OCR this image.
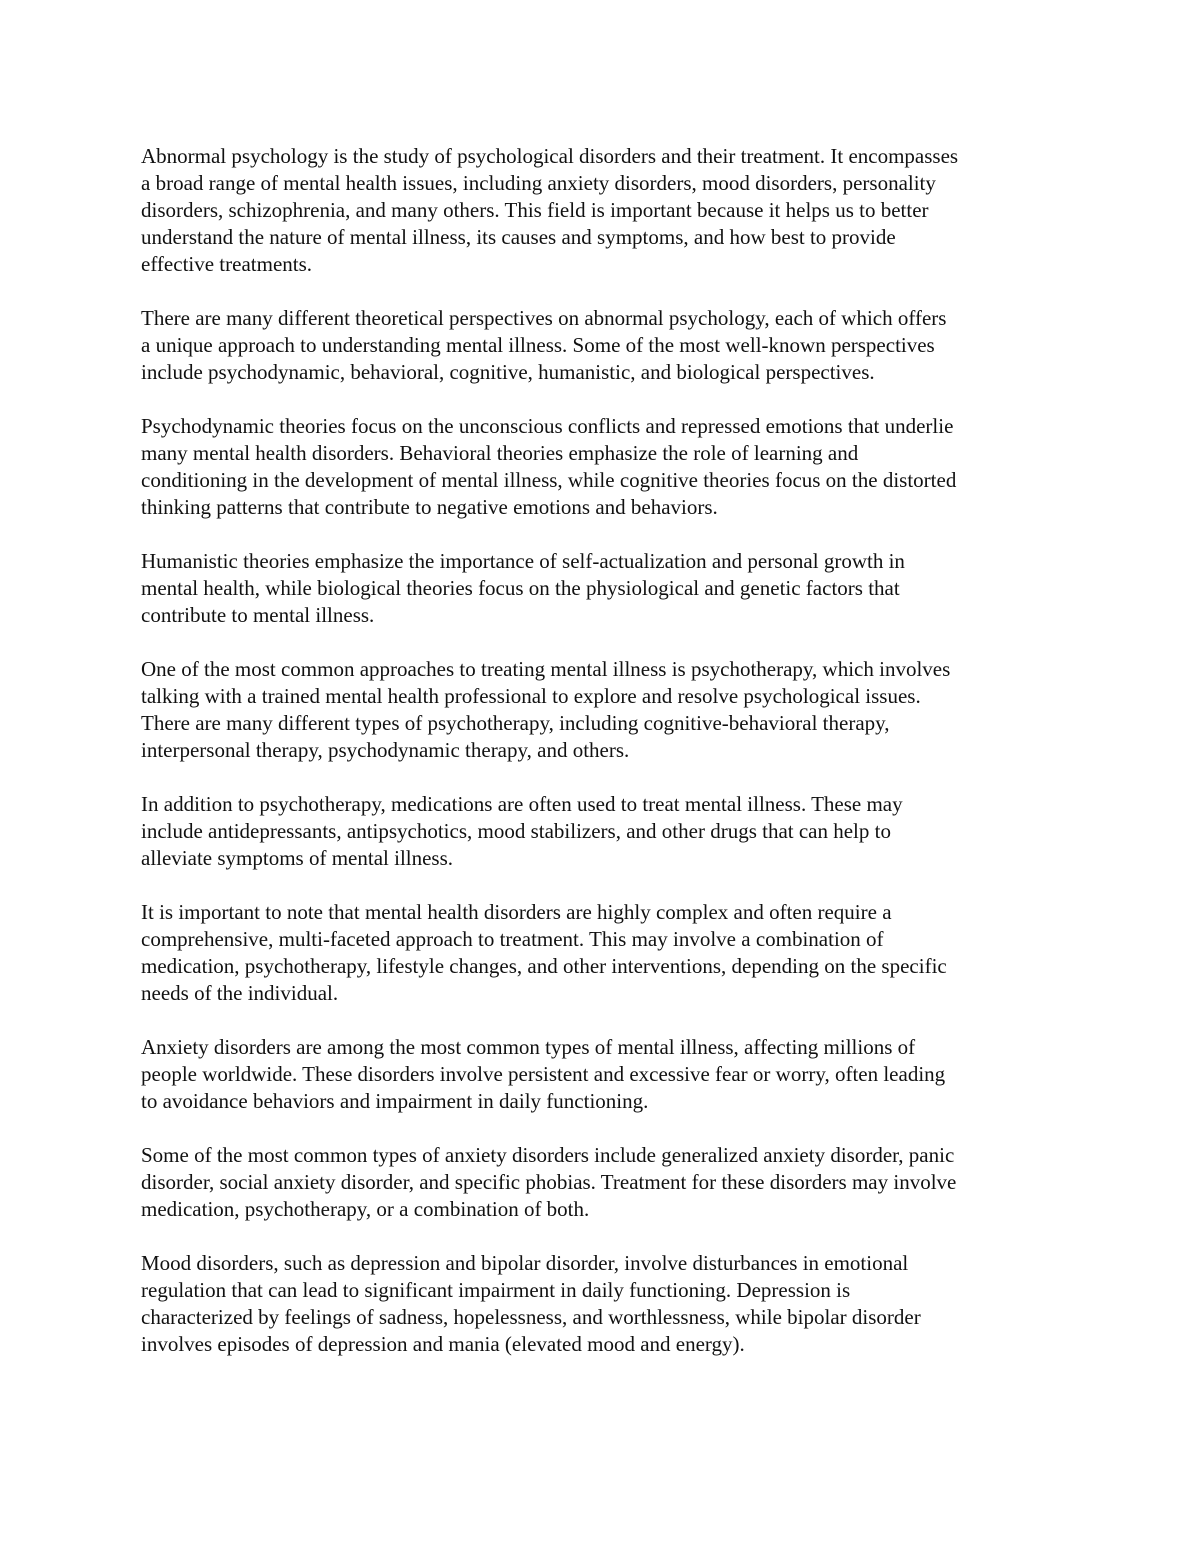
Abnormal psychology is the study of psychological disorders and their treatment. It encompasses
a broad range of mental health issues, including anxiety disorders, mood disorders, personality
disorders, schizophrenia, and many others. This field is important because it helps us to better
understand the nature of mental illness, its causes and symptoms, and how best to provide
effective treatments.

There are many different theoretical perspectives on abnormal psychology, each of which offers
a unique approach to understanding mental illness. Some of the most well-known perspectives
include psychodynamic, behavioral, cognitive, humanistic, and biological perspectives.

Psychodynamic theories focus on the unconscious conflicts and repressed emotions that underlie
many mental health disorders. Behavioral theories emphasize the role of learning and
conditioning in the development of mental illness, while cognitive theories focus on the distorted
thinking patterns that contribute to negative emotions and behaviors.

Humanistic theories emphasize the importance of self-actualization and personal growth in
mental health, while biological theories focus on the physiological and genetic factors that
contribute to mental illness.

One of the most common approaches to treating mental illness is psychotherapy, which involves
talking with a trained mental health professional to explore and resolve psychological issues.
There are many different types of psychotherapy, including cognitive-behavioral therapy,
interpersonal therapy, psychodynamic therapy, and others.

In addition to psychotherapy, medications are often used to treat mental illness. These may
include antidepressants, antipsychotics, mood stabilizers, and other drugs that can help to
alleviate symptoms of mental illness.

It is important to note that mental health disorders are highly complex and often require a
comprehensive, multi-faceted approach to treatment. This may involve a combination of
medication, psychotherapy, lifestyle changes, and other interventions, depending on the specific
needs of the individual.

Anxiety disorders are among the most common types of mental illness, affecting millions of
people worldwide. These disorders involve persistent and excessive fear or worry, often leading
to avoidance behaviors and impairment in daily functioning.

Some of the most common types of anxiety disorders include generalized anxiety disorder, panic
disorder, social anxiety disorder, and specific phobias. Treatment for these disorders may involve
medication, psychotherapy, or a combination of both.

Mood disorders, such as depression and bipolar disorder, involve disturbances in emotional
regulation that can lead to significant impairment in daily functioning. Depression is
characterized by feelings of sadness, hopelessness, and worthlessness, while bipolar disorder
involves episodes of depression and mania (elevated mood and energy).
